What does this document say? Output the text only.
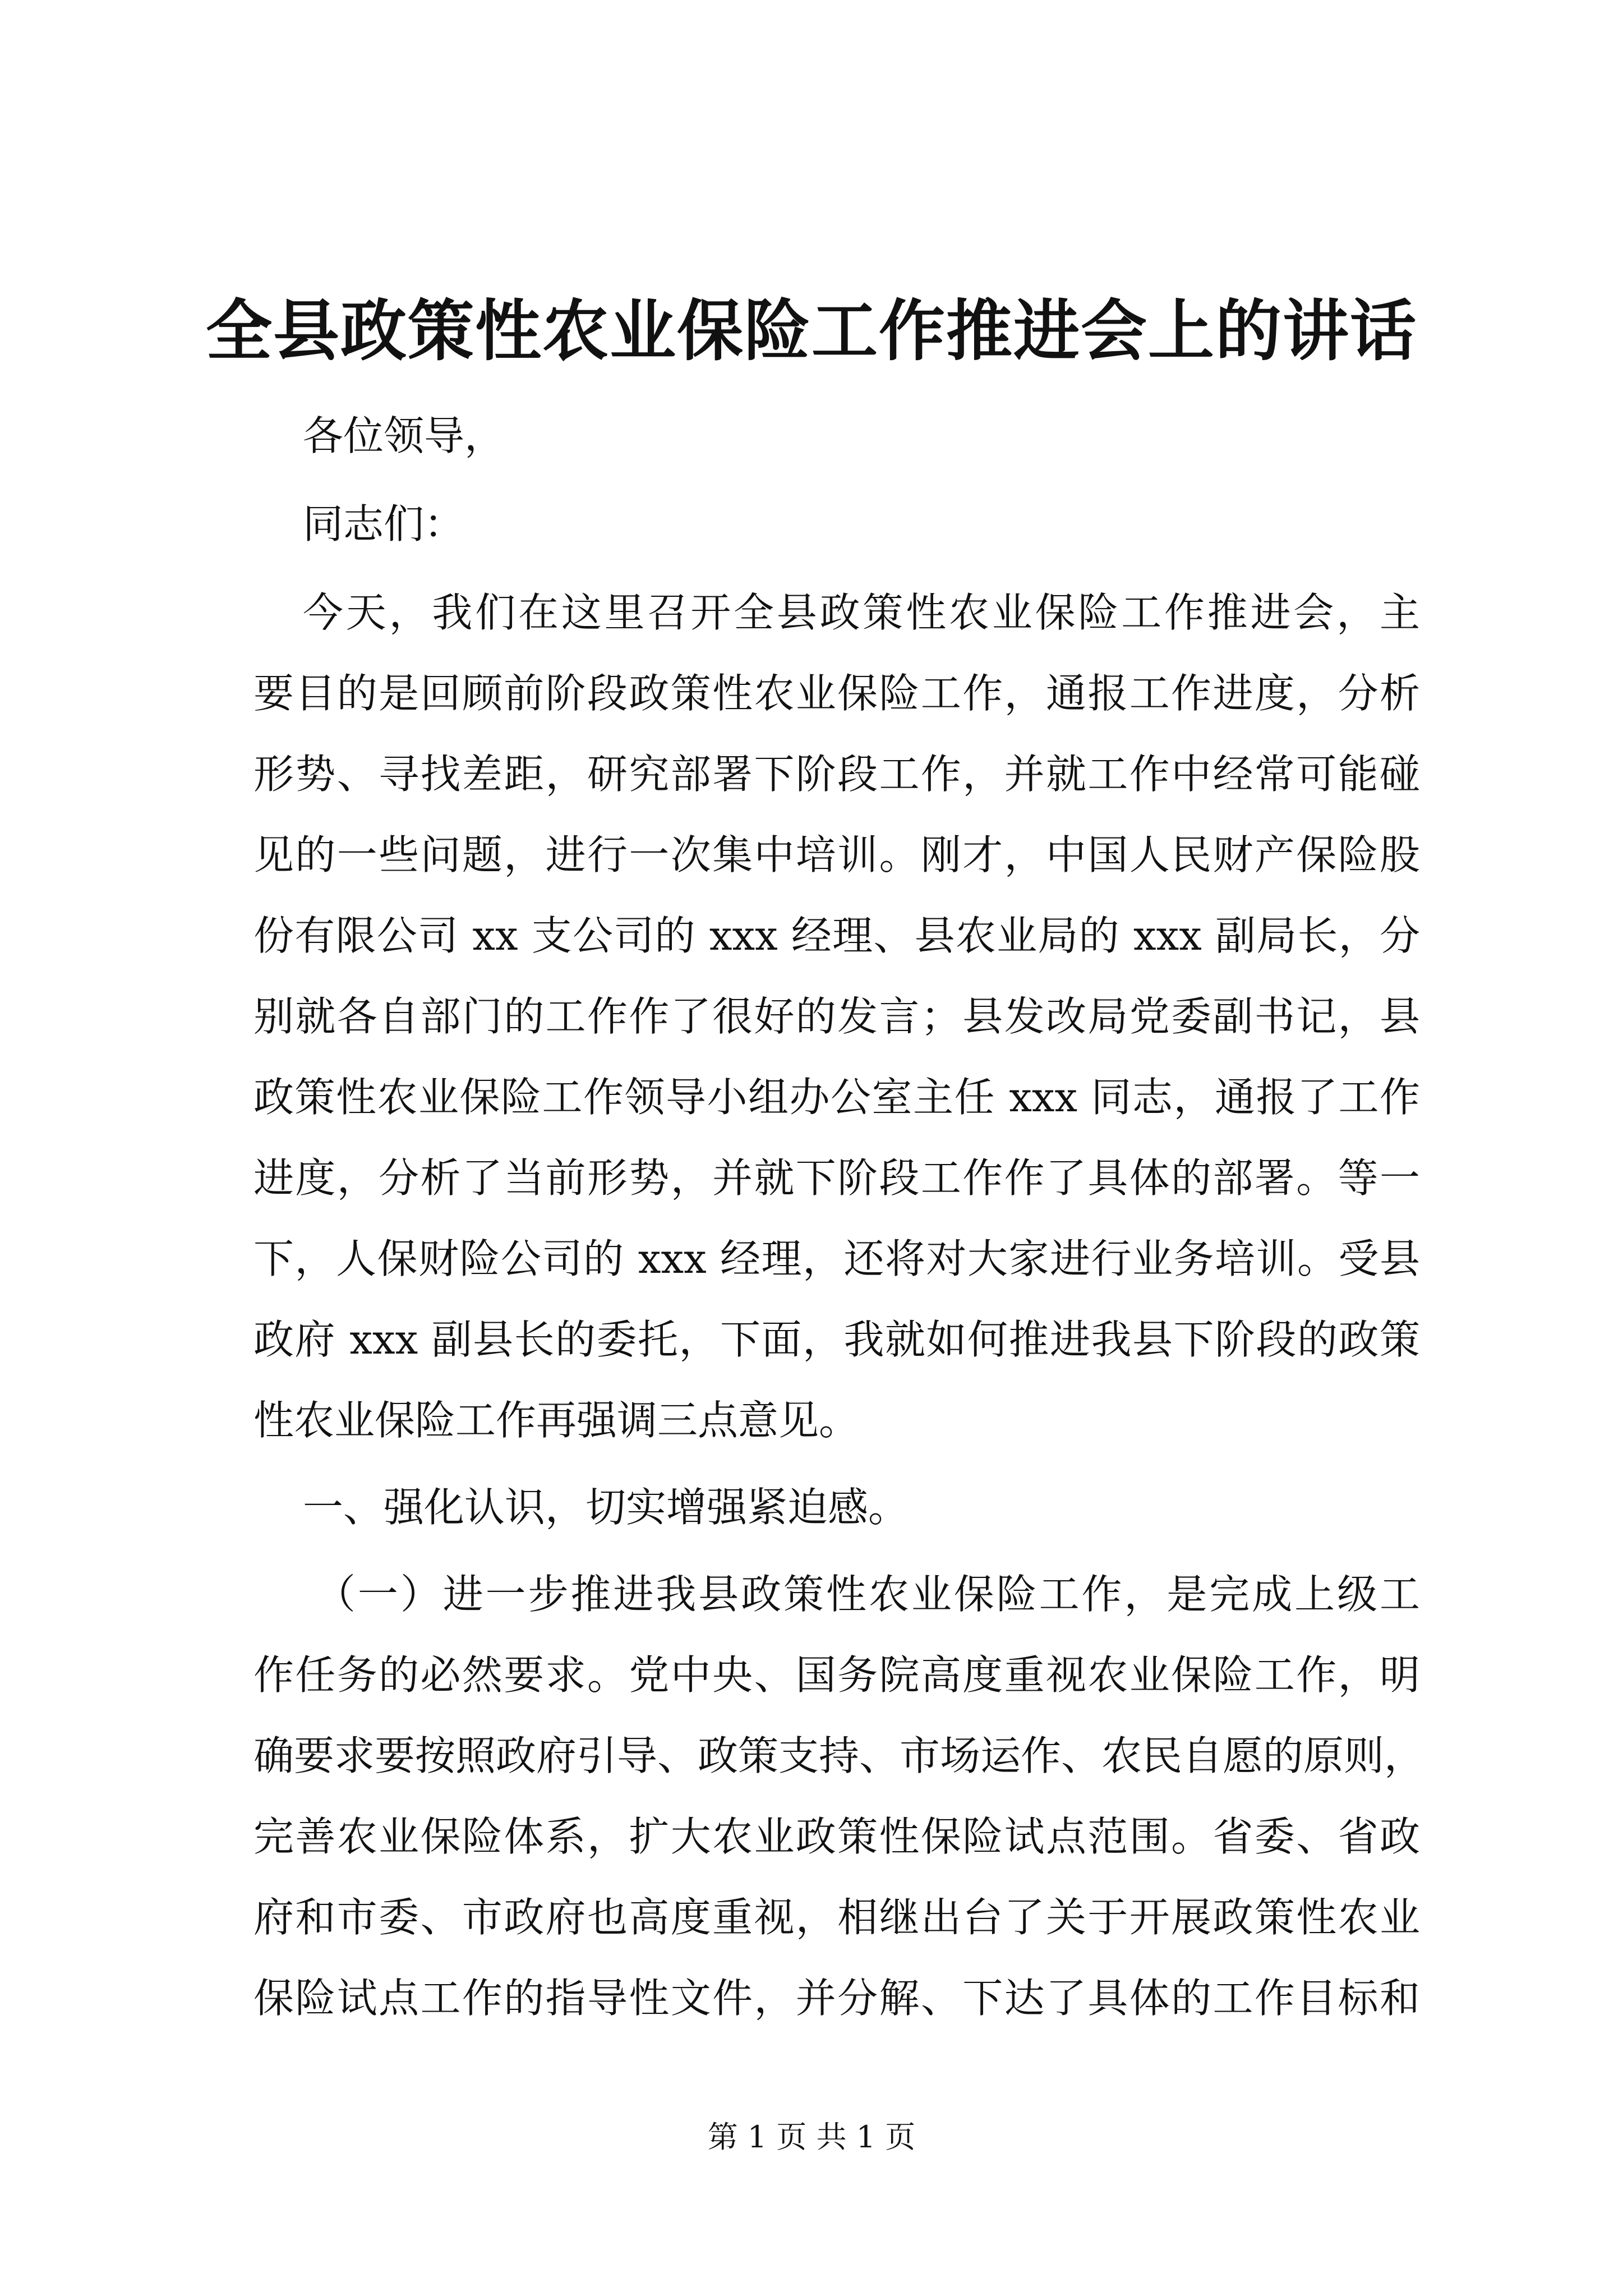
全县政策性农业保险工作推进会上的讲话
各位领导，
同志们：
今天，我们在这里召开全县政策性农业保险工作推进会，主
要目的是回顾前阶段政策性农业保险工作，通报工作进度，分析
形势、寻找差距，研究部署下阶段工作，并就工作中经常可能碰
见的一些问题，进行一次集中培训。刚才，中国人民财产保险股
份有限公司 xx 支公司的 xxx 经理、县农业局的 xxx 副局长，分
别就各自部门的工作作了很好的发言；县发改局党委副书记，县
政策性农业保险工作领导小组办公室主任 xxx 同志，通报了工作
进度，分析了当前形势，并就下阶段工作作了具体的部署。等一
下，人保财险公司的 xxx 经理，还将对大家进行业务培训。受县
政府 xxx 副县长的委托，下面，我就如何推进我县下阶段的政策
性农业保险工作再强调三点意见。
一、强化认识，切实增强紧迫感。
（一）进一步推进我县政策性农业保险工作，是完成上级工
作任务的必然要求。党中央、国务院高度重视农业保险工作，明
确要求要按照政府引导、政策支持、市场运作、农民自愿的原则，
完善农业保险体系，扩大农业政策性保险试点范围。省委、省政
府和市委、市政府也高度重视，相继出台了关于开展政策性农业
保险试点工作的指导性文件，并分解、下达了具体的工作目标和
第 1 页 共 1 页
